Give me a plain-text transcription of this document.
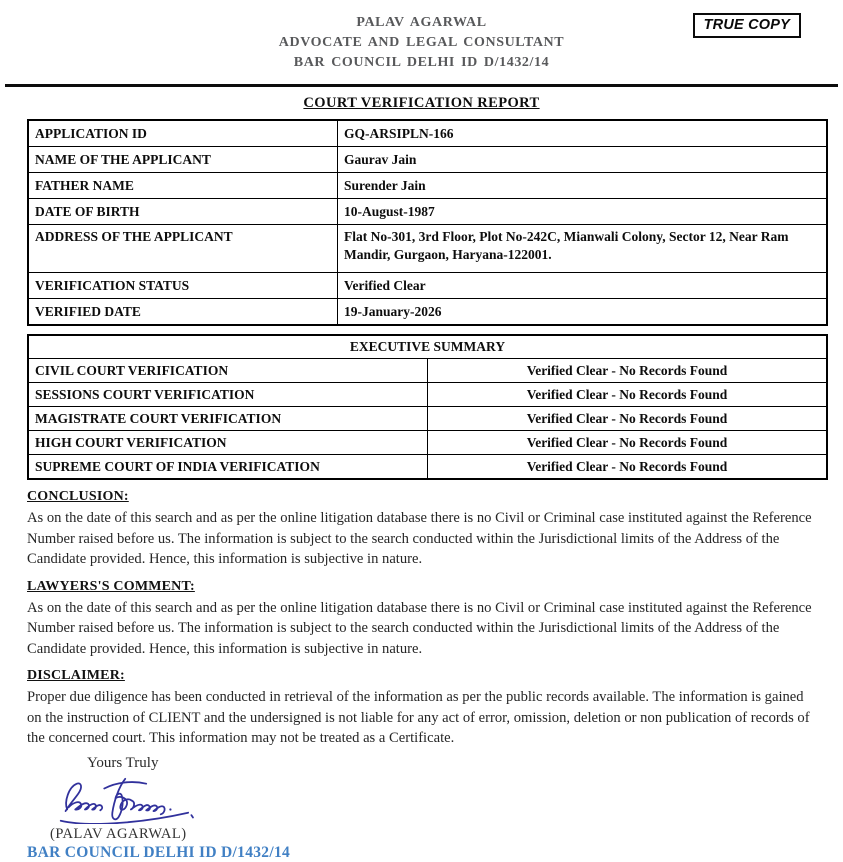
PALAV AGARWAL
ADVOCATE AND LEGAL CONSULTANT
BAR COUNCIL DELHI ID D/1432/14
TRUE COPY
COURT VERIFICATION REPORT
APPLICATION ID	GQ-ARSIPLN-166
NAME OF THE APPLICANT	Gaurav Jain
FATHER NAME	Surender Jain
DATE OF BIRTH	10-August-1987
ADDRESS OF THE APPLICANT	Flat No-301, 3rd Floor, Plot No-242C, Mianwali Colony, Sector 12, Near Ram Mandir, Gurgaon, Haryana-122001.
VERIFICATION STATUS	Verified Clear
VERIFIED DATE	19-January-2026
EXECUTIVE SUMMARY	
CIVIL COURT VERIFICATION	Verified Clear - No Records Found
SESSIONS COURT VERIFICATION	Verified Clear - No Records Found
MAGISTRATE COURT VERIFICATION	Verified Clear - No Records Found
HIGH COURT VERIFICATION	Verified Clear - No Records Found
SUPREME COURT OF INDIA VERIFICATION	Verified Clear - No Records Found
CONCLUSION:

As on the date of this search and as per the online litigation database there is no Civil or Criminal case instituted against the Reference Number raised before us. The information is subject to the search conducted within the Jurisdictional limits of the Address of the Candidate provided. Hence, this information is subjective in nature.

LAWYERS'S COMMENT:

As on the date of this search and as per the online litigation database there is no Civil or Criminal case instituted against the Reference Number raised before us. The information is subject to the search conducted within the Jurisdictional limits of the Address of the Candidate provided. Hence, this information is subjective in nature.

DISCLAIMER:

Proper due diligence has been conducted in retrieval of the information as per the public records available. The information is gained on the instruction of CLIENT and the undersigned is not liable for any act of error, omission, deletion or non publication of records of the concerned court. This information may not be treated as a Certificate.

Yours Truly
(PALAV AGARWAL)
BAR COUNCIL DELHI ID D/1432/14
